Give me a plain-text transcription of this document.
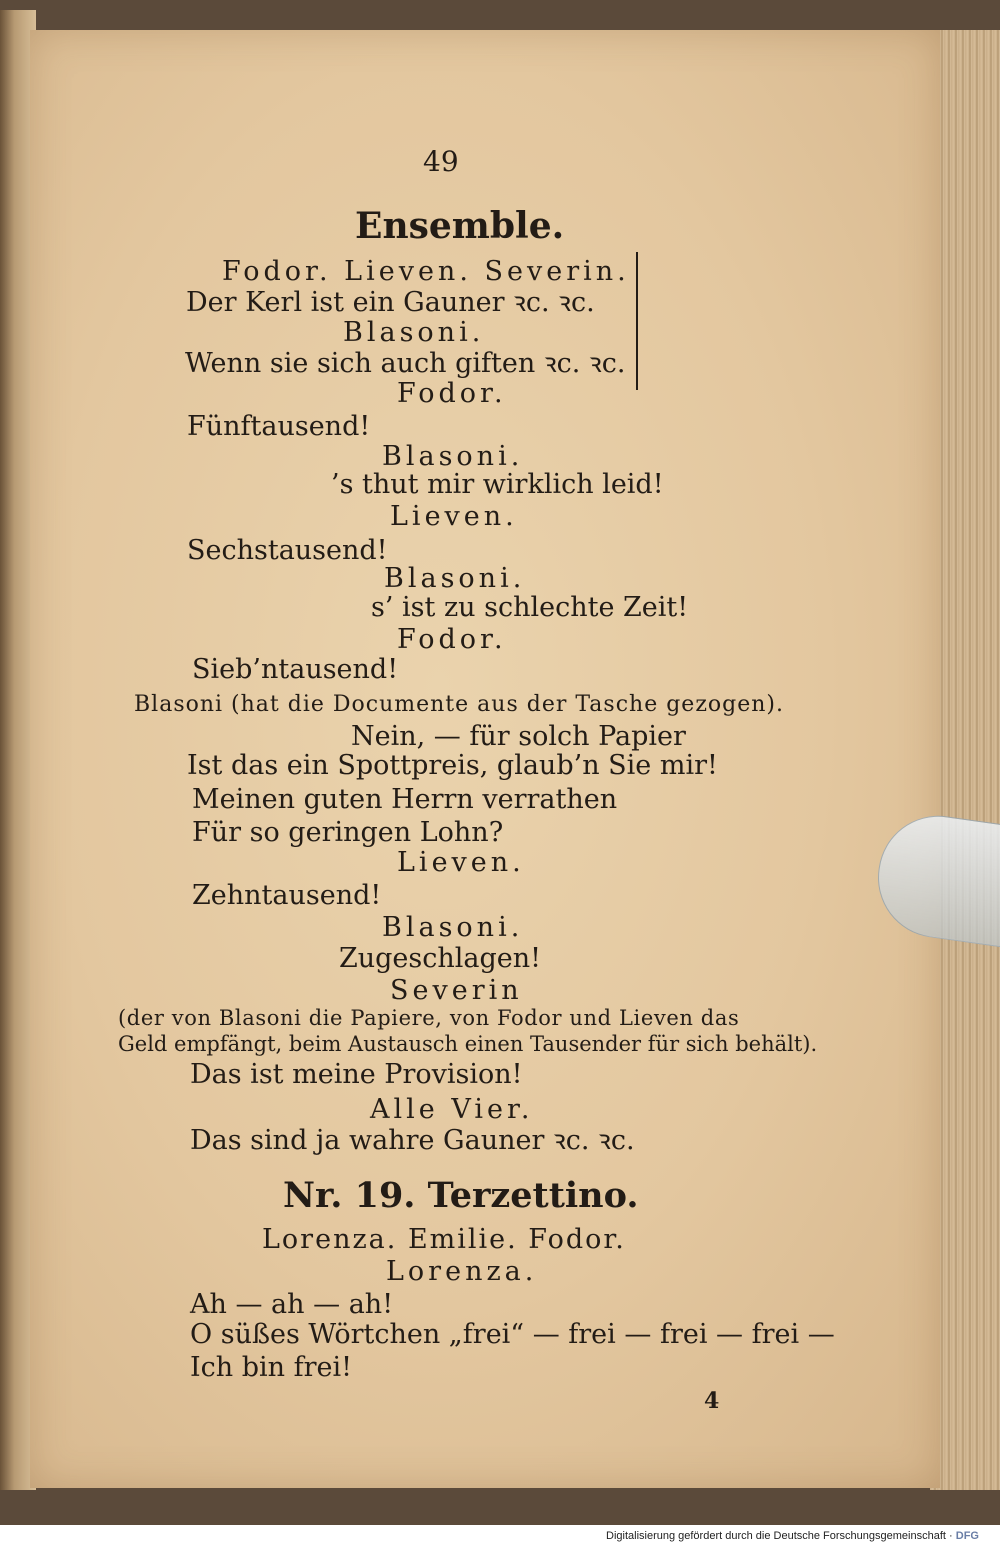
49
Ensemble.
Fodor. Lieven. Severin.
Der Kerl ist ein Gauner ꝛc. ꝛc.
Blasoni.
Wenn sie sich auch giften ꝛc. ꝛc.
Fodor.
Fünftausend!
Blasoni.
’s thut mir wirklich leid!
Lieven.
Sechstausend!
Blasoni.
s’ ist zu schlechte Zeit!
Fodor.
Sieb’ntausend!
Blasoni (hat die Documente aus der Tasche gezogen).
Nein, — für solch Papier
Ist das ein Spottpreis, glaub’n Sie mir!
Meinen guten Herrn verrathen
Für so geringen Lohn?
Lieven.
Zehntausend!
Blasoni.
Zugeschlagen!
Severin
(der von Blasoni die Papiere, von Fodor und Lieven das
Geld empfängt, beim Austausch einen Tausender für sich behält).
Das ist meine Provision!
Alle Vier.
Das sind ja wahre Gauner ꝛc. ꝛc.
Nr. 19. Terzettino.
Lorenza. Emilie. Fodor.
Lorenza.
Ah — ah — ah!
O süßes Wörtchen „frei“ — frei — frei — frei —
Ich bin frei!
4
Digitalisierung gefördert durch die Deutsche Forschungsgemeinschaft · DFG
